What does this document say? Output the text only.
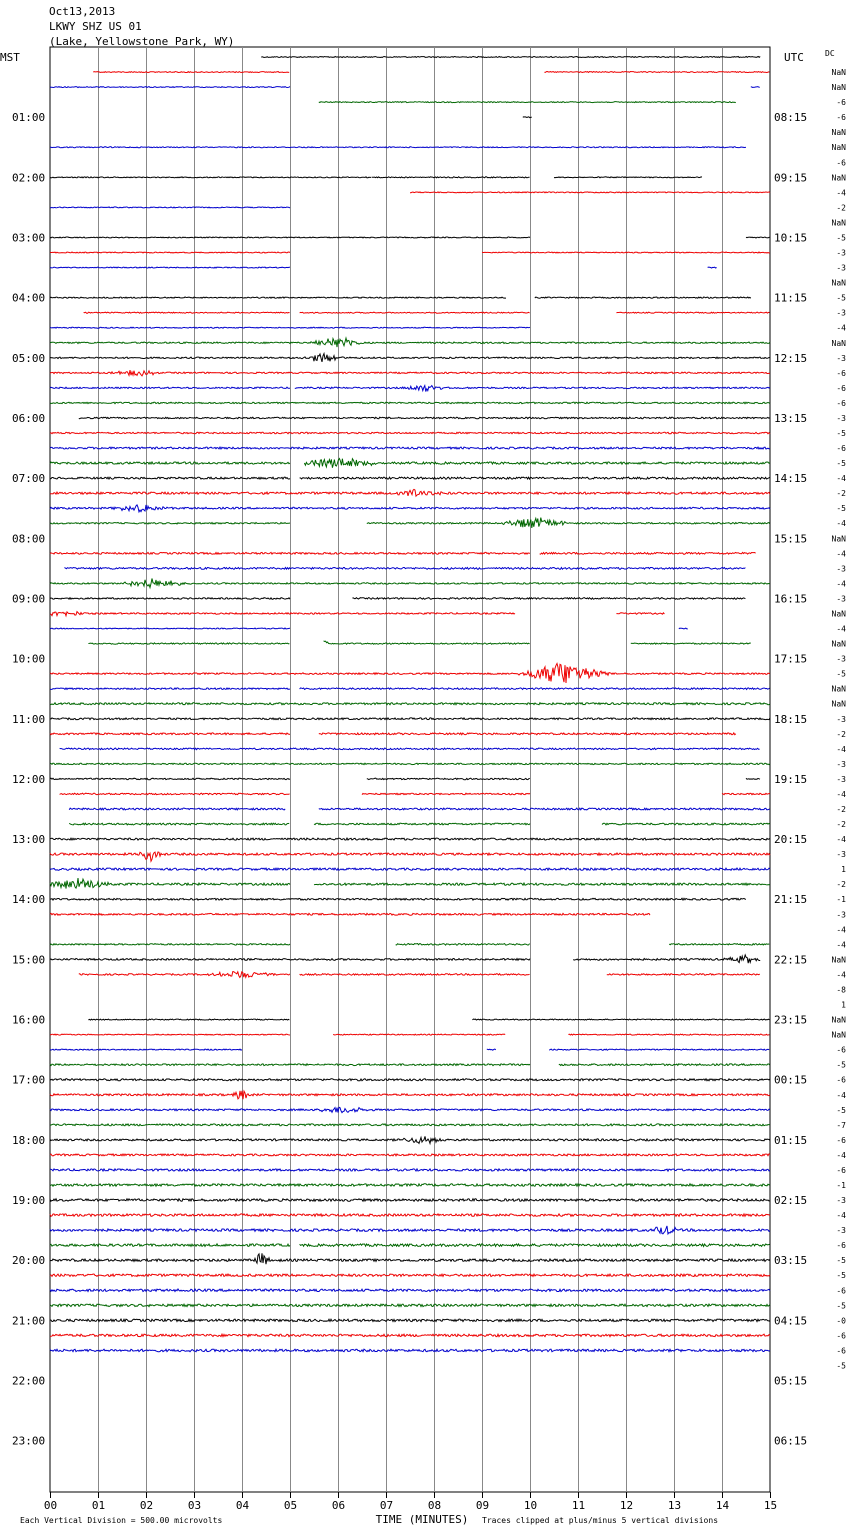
Oct13,2013
LKWY SHZ US 01
(Lake, Yellowstone Park, WY)
MST	UTC	DC
01:00
02:00
03:00
04:00
05:00
06:00
07:00
08:00
09:00
10:00
11:00
12:00
13:00
14:00
15:00
16:00
17:00
18:00
19:00
20:00
21:00
22:00
23:00
08:15
09:15
10:15
11:15
12:15
13:15
14:15
15:15
16:15
17:15
18:15
19:15
20:15
21:15
22:15
23:15
00:15
01:15
02:15
03:15
04:15
05:15
06:15
NaN
NaN
-6
-6
NaN
NaN
-6
NaN
-4
-2
NaN
-5
-3
-3
NaN
-5
-3
-4
NaN
-3
-6
-6
-6
-3
-5
-6
-5
-4
-2
-5
-4
NaN
-4
-3
-4
-3
NaN
-4
NaN
-3
-5
NaN
NaN
-3
-2
-4
-3
-3
-4
-2
-2
-4
-3
1
-2
-1
-3
-4
-4
NaN
-4
-8
1
NaN
NaN
-6
-5
-6
-4
-5
-7
-6
-4
-6
-1
-3
-4
-3
-6
-5
-5
-6
-5
-0
-6
-6
-5
00	01	02	03	04	05	06	07	08	09	10	11	12	13	14	15
Each Vertical Division = 500.00 microvolts	TIME (MINUTES) Traces clipped at plus/minus 5 vertical divisions
